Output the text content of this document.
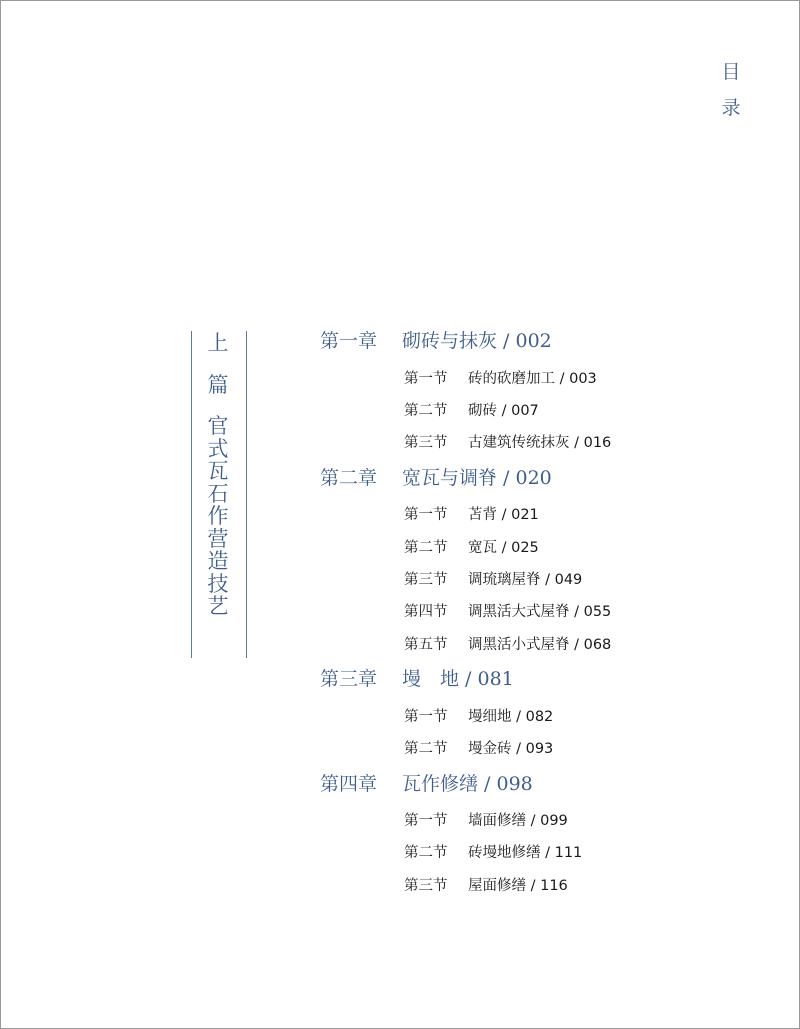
目
录
上
篇
官
式
瓦
石
作
营
造
技
艺
第一章 砌砖与抹灰 / 002
第一节 砖的砍磨加工 / 003
第二节 砌砖 / 007
第三节 古建筑传统抹灰 / 016
第二章 宽瓦与调脊 / 020
第一节 苫背 / 021
第二节 宽瓦 / 025
第三节 调琉璃屋脊 / 049
第四节 调黑活大式屋脊 / 055
第五节 调黑活小式屋脊 / 068
第三章 墁　地 / 081
第一节 墁细地 / 082
第二节 墁金砖 / 093
第四章 瓦作修缮 / 098
第一节 墙面修缮 / 099
第二节 砖墁地修缮 / 111
第三节 屋面修缮 / 116
